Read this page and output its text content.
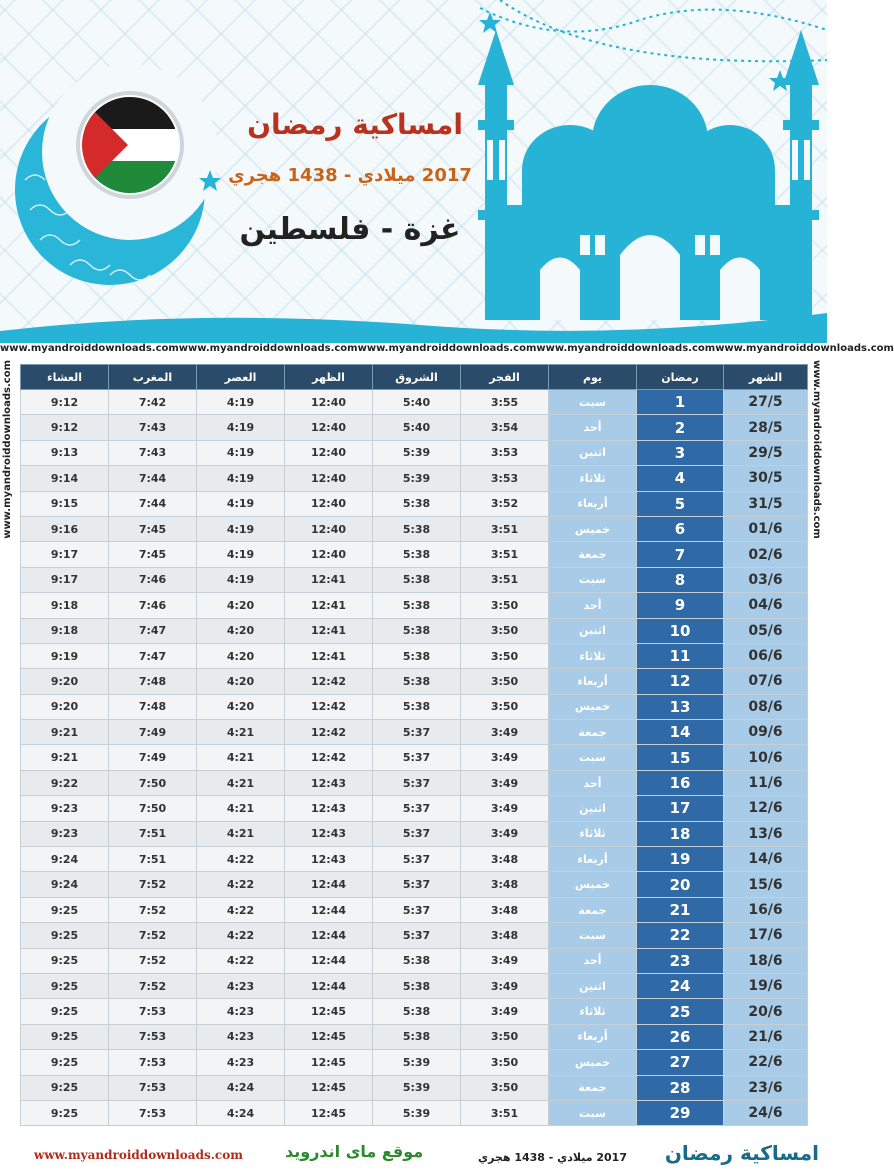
امساكية رمضان
2017 ميلادي - 1438 هجري
غزة - فلسطين
www.myandroiddownloads.com www.myandroiddownloads.com www.myandroiddownloads.com www.myandroiddownloads.com www.myandroiddownloads.com
www.myandroiddownloads.com	www.myandroiddownloads.com
العشاء	المغرب	العصر	الظهر	الشروق	الفجر	يوم	رمضان	الشهر
9:12	7:42	4:19	12:40	5:40	3:55	سبت	1	27/5
9:12	7:43	4:19	12:40	5:40	3:54	أحد	2	28/5
9:13	7:43	4:19	12:40	5:39	3:53	اثنين	3	29/5
9:14	7:44	4:19	12:40	5:39	3:53	ثلاثاء	4	30/5
9:15	7:44	4:19	12:40	5:38	3:52	أربعاء	5	31/5
9:16	7:45	4:19	12:40	5:38	3:51	خميس	6	01/6
9:17	7:45	4:19	12:40	5:38	3:51	جمعة	7	02/6
9:17	7:46	4:19	12:41	5:38	3:51	سبت	8	03/6
9:18	7:46	4:20	12:41	5:38	3:50	أحد	9	04/6
9:18	7:47	4:20	12:41	5:38	3:50	اثنين	10	05/6
9:19	7:47	4:20	12:41	5:38	3:50	ثلاثاء	11	06/6
9:20	7:48	4:20	12:42	5:38	3:50	أربعاء	12	07/6
9:20	7:48	4:20	12:42	5:38	3:50	خميس	13	08/6
9:21	7:49	4:21	12:42	5:37	3:49	جمعة	14	09/6
9:21	7:49	4:21	12:42	5:37	3:49	سبت	15	10/6
9:22	7:50	4:21	12:43	5:37	3:49	أحد	16	11/6
9:23	7:50	4:21	12:43	5:37	3:49	اثنين	17	12/6
9:23	7:51	4:21	12:43	5:37	3:49	ثلاثاء	18	13/6
9:24	7:51	4:22	12:43	5:37	3:48	أربعاء	19	14/6
9:24	7:52	4:22	12:44	5:37	3:48	خميس	20	15/6
9:25	7:52	4:22	12:44	5:37	3:48	جمعة	21	16/6
9:25	7:52	4:22	12:44	5:37	3:48	سبت	22	17/6
9:25	7:52	4:22	12:44	5:38	3:49	أحد	23	18/6
9:25	7:52	4:23	12:44	5:38	3:49	اثنين	24	19/6
9:25	7:53	4:23	12:45	5:38	3:49	ثلاثاء	25	20/6
9:25	7:53	4:23	12:45	5:38	3:50	أربعاء	26	21/6
9:25	7:53	4:23	12:45	5:39	3:50	خميس	27	22/6
9:25	7:53	4:24	12:45	5:39	3:50	جمعة	28	23/6
9:25	7:53	4:24	12:45	5:39	3:51	سبت	29	24/6
امساكية رمضان
2017 ميلادي - 1438 هجري
موقع ماى اندرويد
www.myandroiddownloads.com
